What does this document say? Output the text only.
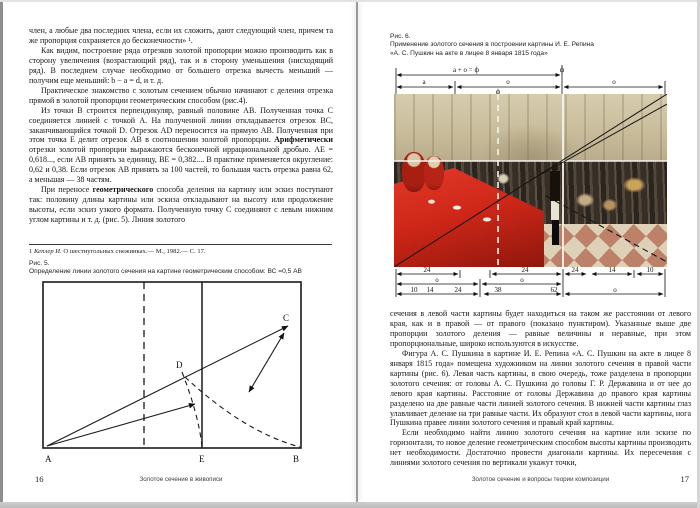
член, а любые два последних члена, если их сложить, дают следующий член, причем та же пропорция сохраняется до бесконечности» ¹.

Как видим, построение ряда отрезков золотой пропорции можно производить как в сторону увеличения (возрастающий ряд), так и в сторону уменьшения (нисходящий ряд). В последнем случае необходимо от большего отрезка вычесть меньший — получим еще меньший: b − a = d, и т. д.

Практическое знакомство с золотым сечением обычно начинают с деления отрезка прямой в золотой пропорции геометрическим способом (рис.4).

Из точки В строится перпендикуляр, равный половине АВ. Полученная точка С соединяется линией с точкой А. На полученной линии откладывается отрезок ВС, заканчивающийся точкой D. Отрезок AD переносится на прямую АВ. Полученная при этом точка Е делит отрезок АВ в соотношении золотой пропорции. Арифметически отрезки золотой пропорции выражаются бесконечной иррациональной дробью. АЕ = 0,618..., если АВ принять за единицу, ВЕ = 0,382.... В практике применяется округление: 0,62 и 0,38. Если отрезок АВ принять за 100 частей, то большая часть отрезка равна 62, а меньшая — 38 частям.

При переносе геометрического способа деления на картину или эскиз поступают так: половину длины картины или эскиза откладывают на высоту или продолжение высоты, если эскиз узкого формата. Полученную точку С соединяют с левым нижним углом картины и т. д. (рис. 5). Линия золотого

1 Кеплер И. О шестиугольных снежинках.— М., 1982.— С. 17.
Рис. 5.
Определение линии золотого сечения на картине геометрическим способом: ВС =0,5 АВ
A	E	B
C
D
16	Золотое сечение в живописи
Рис. 6.
Применение золотого сечения в построении картины И. Е. Репина
«А. С. Пушкин на акте в лицее 8 января 1815 года»
а + о = ф	ф
а	о
ф
о
24	24	24	14	10
о	о
10 14	24	38	62	о

сечения в левой части картины будет находиться на таком же расстоянии от левого края, как и в правой — от правого (показано пунктиром). Указанные выше две пропорции золотого деления — равные величины и неравные, при этом пропорциональные, широко используются в искусстве.

Фигура А. С. Пушкина в картине И. Е. Репина «А. С. Пушкин на акте в лицее 8 января 1815 года» помещена художником на линии золотого сечения в правой части картины (рис. 6). Левая часть картины, в свою очередь, тоже разделена в пропорции золотого сечения: от головы А. С. Пушкина до головы Г. Р. Державина и от нее до левого края картины. Расстояние от головы Державина до правого края картины разделено на две равные части линией золотого сечения. В нижней части картины глаз улавливает деление на три равные части. Их образуют стол в левой части картины, нога Пушкина правее линии золотого сечения и правый край картины.

Если необходимо найти линию золотого сечения на картине или эскизе по горизонтали, то новое деление геометрическим способом высоты картины производить нет необходимости. Достаточно провести диагонали картины. Их пересечения с линиями золотого сечения по вертикали укажут точки,

Золотое сечение и вопросы теории композиции	17
